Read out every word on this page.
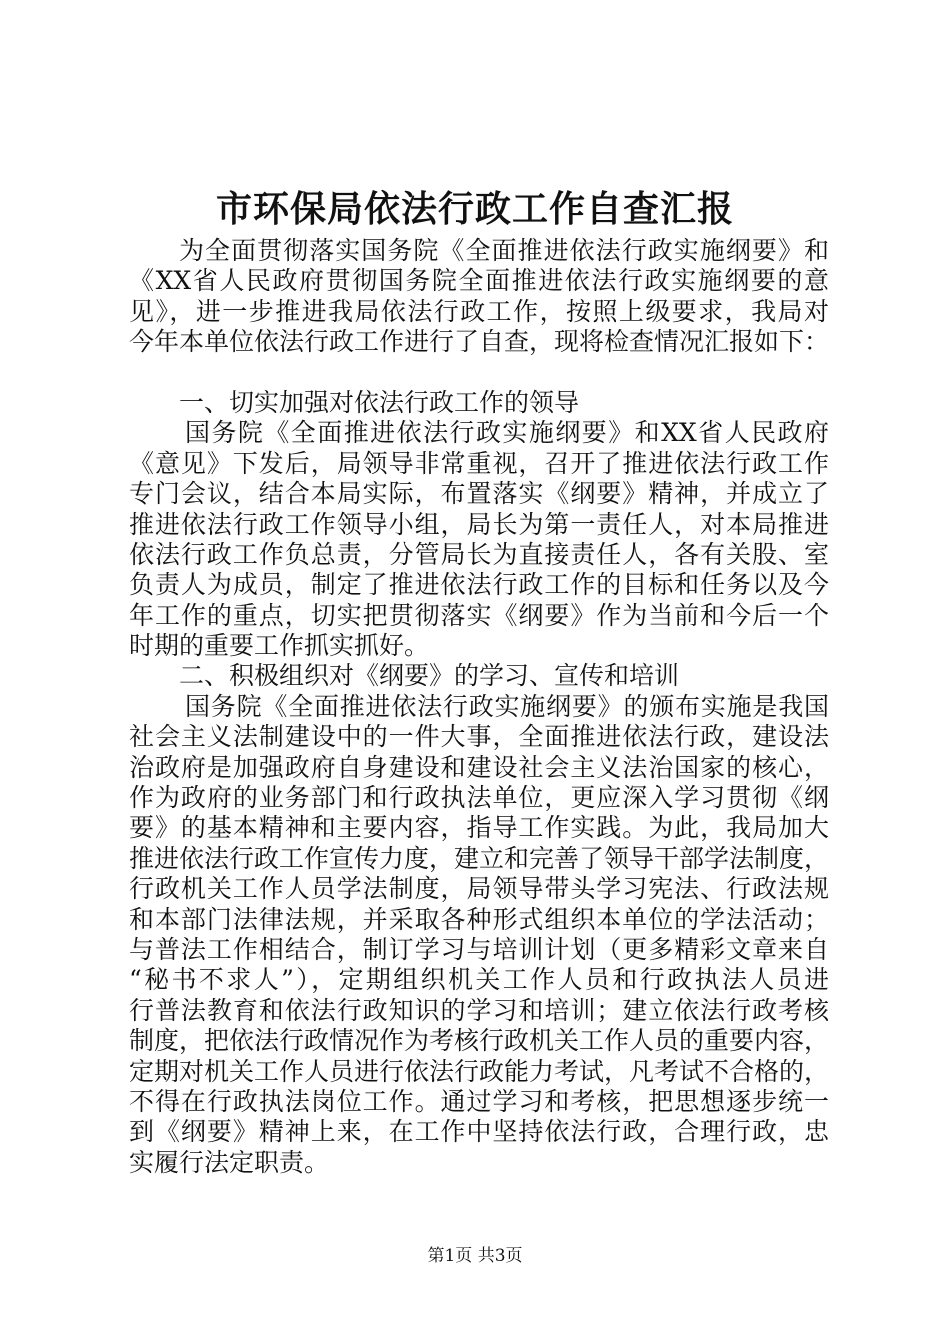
市环保局依法行政工作自查汇报
为全面贯彻落实国务院《全面推进依法行政实施纲要》和
《XX省人民政府贯彻国务院全面推进依法行政实施纲要的意
见》，进一步推进我局依法行政工作，按照上级要求，我局对
今年本单位依法行政工作进行了自查，现将检查情况汇报如下：
一、切实加强对依法行政工作的领导
国务院《全面推进依法行政实施纲要》和XX省人民政府
《意见》下发后，局领导非常重视，召开了推进依法行政工作
专门会议，结合本局实际，布置落实《纲要》精神，并成立了
推进依法行政工作领导小组，局长为第一责任人，对本局推进
依法行政工作负总责，分管局长为直接责任人，各有关股、室
负责人为成员，制定了推进依法行政工作的目标和任务以及今
年工作的重点，切实把贯彻落实《纲要》作为当前和今后一个
时期的重要工作抓实抓好。
二、积极组织对《纲要》的学习、宣传和培训
国务院《全面推进依法行政实施纲要》的颁布实施是我国
社会主义法制建设中的一件大事，全面推进依法行政，建设法
治政府是加强政府自身建设和建设社会主义法治国家的核心，
作为政府的业务部门和行政执法单位，更应深入学习贯彻《纲
要》的基本精神和主要内容，指导工作实践。为此，我局加大
推进依法行政工作宣传力度，建立和完善了领导干部学法制度，
行政机关工作人员学法制度，局领导带头学习宪法、行政法规
和本部门法律法规，并采取各种形式组织本单位的学法活动；
与普法工作相结合，制订学习与培训计划（更多精彩文章来自
“秘书不求人”），定期组织机关工作人员和行政执法人员进
行普法教育和依法行政知识的学习和培训；建立依法行政考核
制度，把依法行政情况作为考核行政机关工作人员的重要内容，
定期对机关工作人员进行依法行政能力考试，凡考试不合格的，
不得在行政执法岗位工作。通过学习和考核，把思想逐步统一
到《纲要》精神上来，在工作中坚持依法行政，合理行政，忠
实履行法定职责。
第1页 共3页
